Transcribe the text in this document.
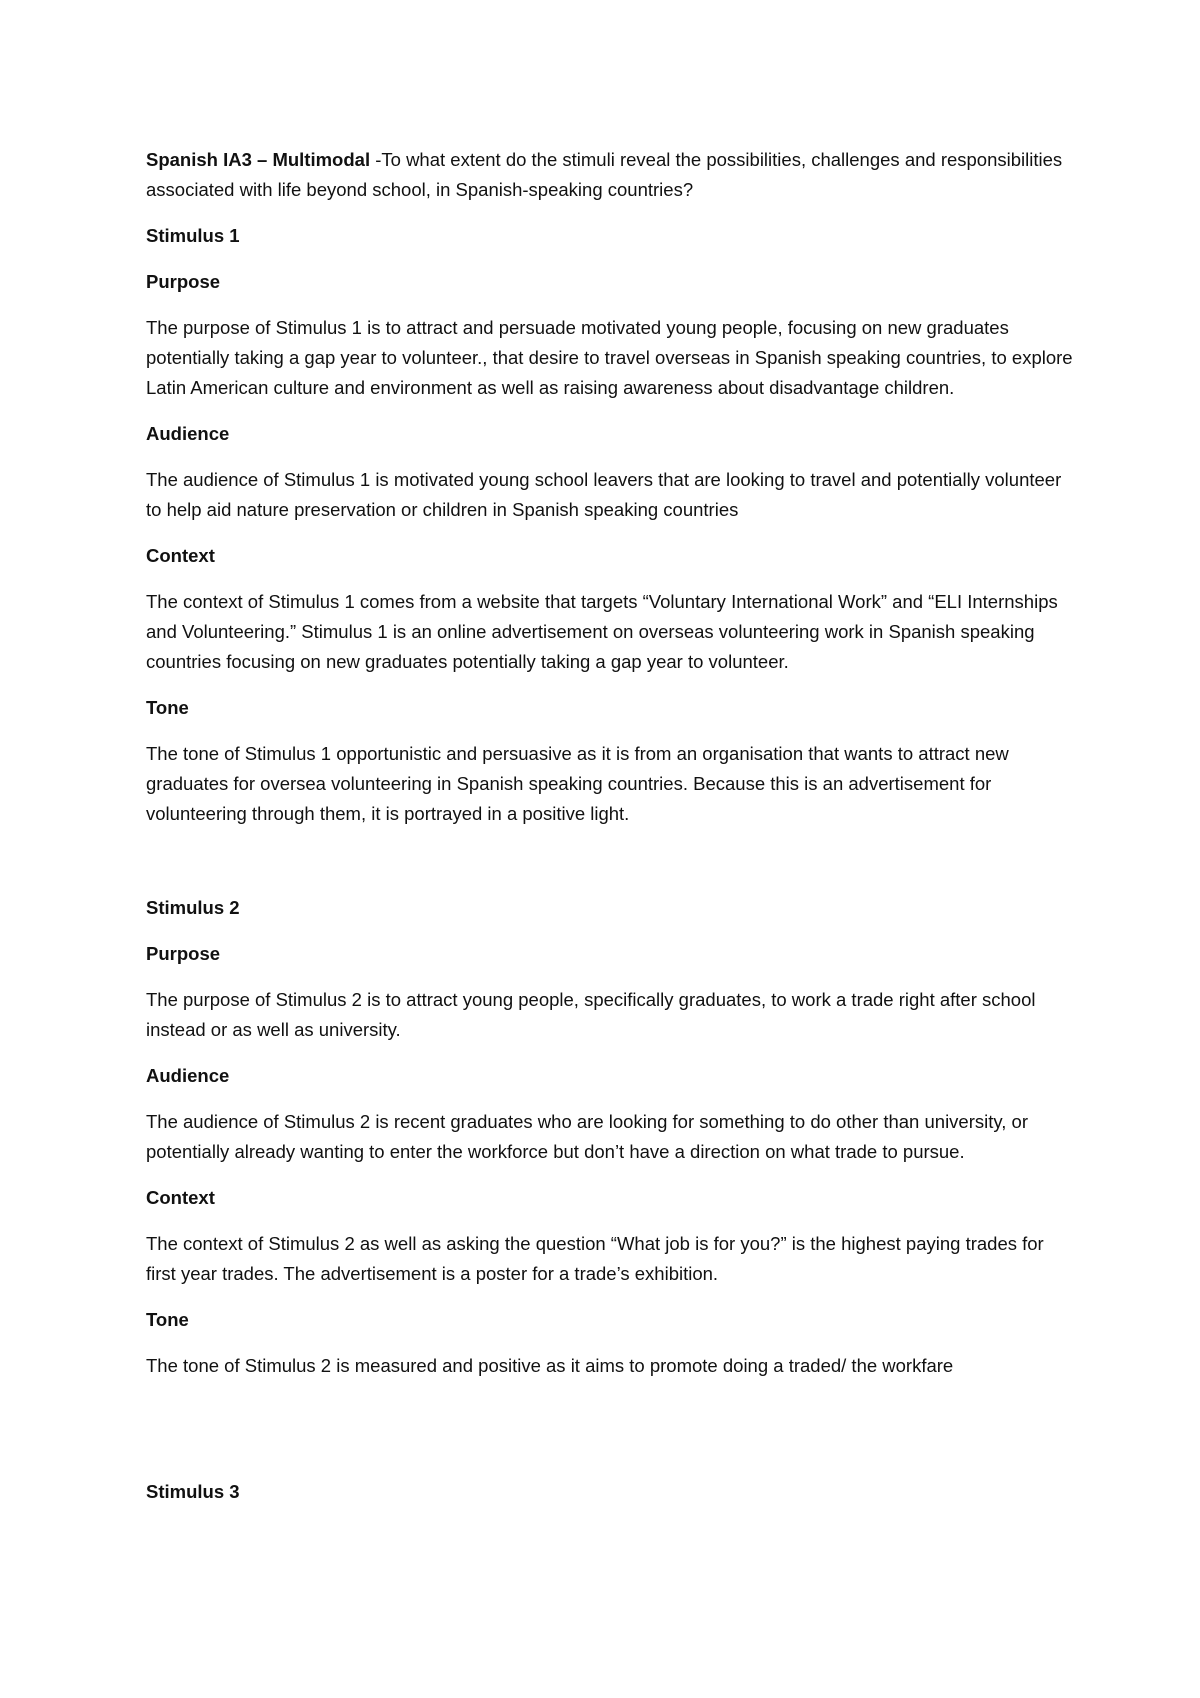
Spanish IA3 – Multimodal -To what extent do the stimuli reveal the possibilities, challenges and responsibilities associated with life beyond school, in Spanish-speaking countries?

Stimulus 1

Purpose

The purpose of Stimulus 1 is to attract and persuade motivated young people, focusing on new graduates potentially taking a gap year to volunteer., that desire to travel overseas in Spanish speaking countries, to explore Latin American culture and environment as well as raising awareness about disadvantage children.

Audience

The audience of Stimulus 1 is motivated young school leavers that are looking to travel and potentially volunteer to help aid nature preservation or children in Spanish speaking countries

Context

The context of Stimulus 1 comes from a website that targets “Voluntary International Work” and “ELI Internships and Volunteering.” Stimulus 1 is an online advertisement on overseas volunteering work in Spanish speaking countries focusing on new graduates potentially taking a gap year to volunteer.

Tone

The tone of Stimulus 1 opportunistic and persuasive as it is from an organisation that wants to attract new graduates for oversea volunteering in Spanish speaking countries. Because this is an advertisement for volunteering through them, it is portrayed in a positive light.

Stimulus 2

Purpose

The purpose of Stimulus 2 is to attract young people, specifically graduates, to work a trade right after school instead or as well as university.

Audience

The audience of Stimulus 2 is recent graduates who are looking for something to do other than university, or potentially already wanting to enter the workforce but don’t have a direction on what trade to pursue.

Context

The context of Stimulus 2 as well as asking the question “What job is for you?” is the highest paying trades for first year trades. The advertisement is a poster for a trade’s exhibition.

Tone

The tone of Stimulus 2 is measured and positive as it aims to promote doing a traded/ the workfare

Stimulus 3
